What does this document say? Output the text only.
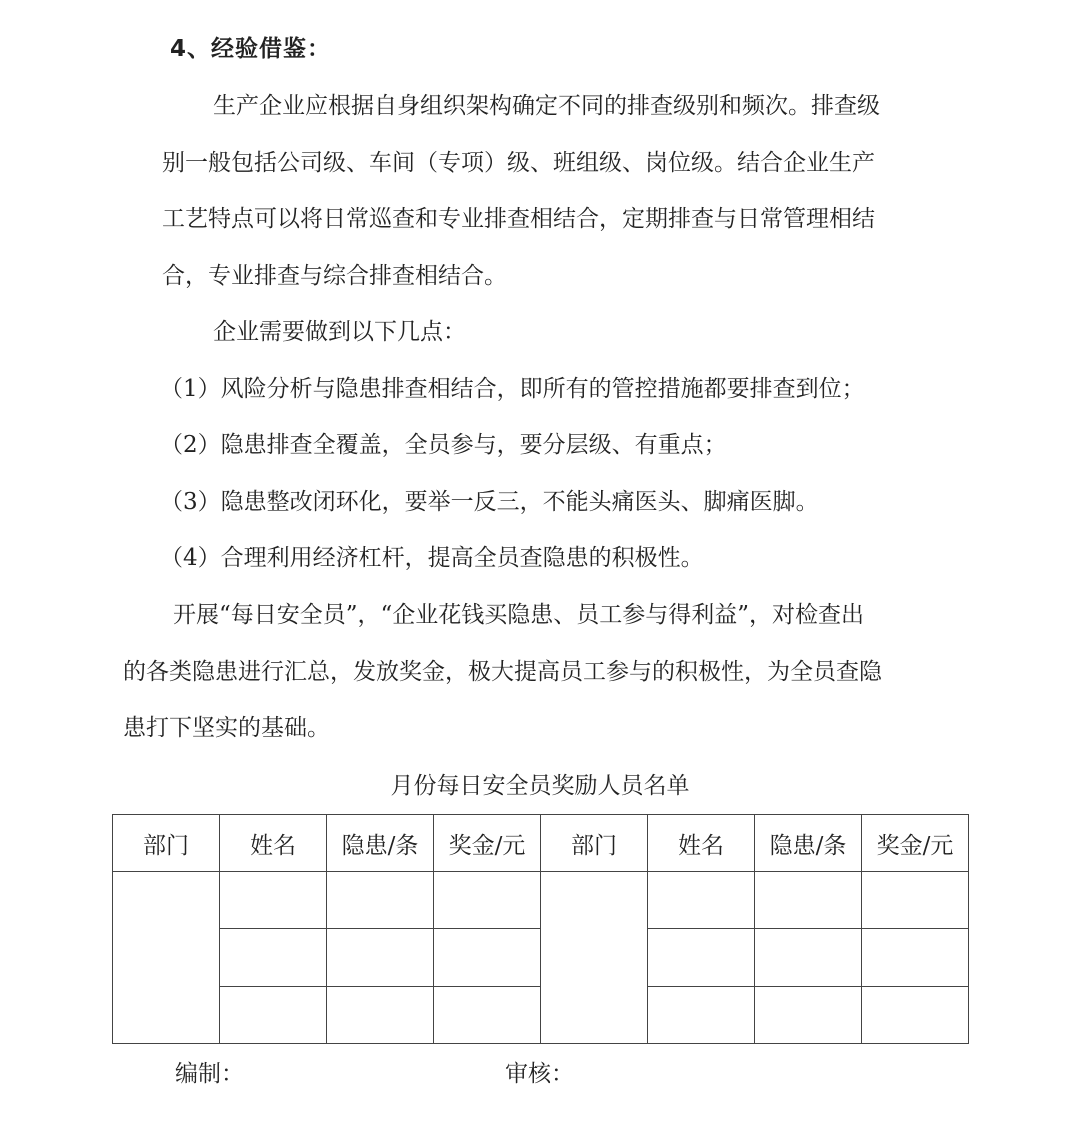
4、经验借鉴：
生产企业应根据自身组织架构确定不同的排查级别和频次。排查级
别一般包括公司级、车间（专项）级、班组级、岗位级。结合企业生产
工艺特点可以将日常巡查和专业排查相结合，定期排查与日常管理相结
合，专业排查与综合排查相结合。
企业需要做到以下几点：
（1）风险分析与隐患排查相结合，即所有的管控措施都要排查到位；
（2）隐患排查全覆盖，全员参与，要分层级、有重点；
（3）隐患整改闭环化，要举一反三，不能头痛医头、脚痛医脚。
（4）合理利用经济杠杆，提高全员查隐患的积极性。
开展“每日安全员”，“企业花钱买隐患、员工参与得利益”，对检查出
的各类隐患进行汇总，发放奖金，极大提高员工参与的积极性，为全员查隐
患打下坚实的基础。
月份每日安全员奖励人员名单
部门	姓名	隐患/条	奖金/元	部门	姓名	隐患/条	奖金/元

编制：	审核：
